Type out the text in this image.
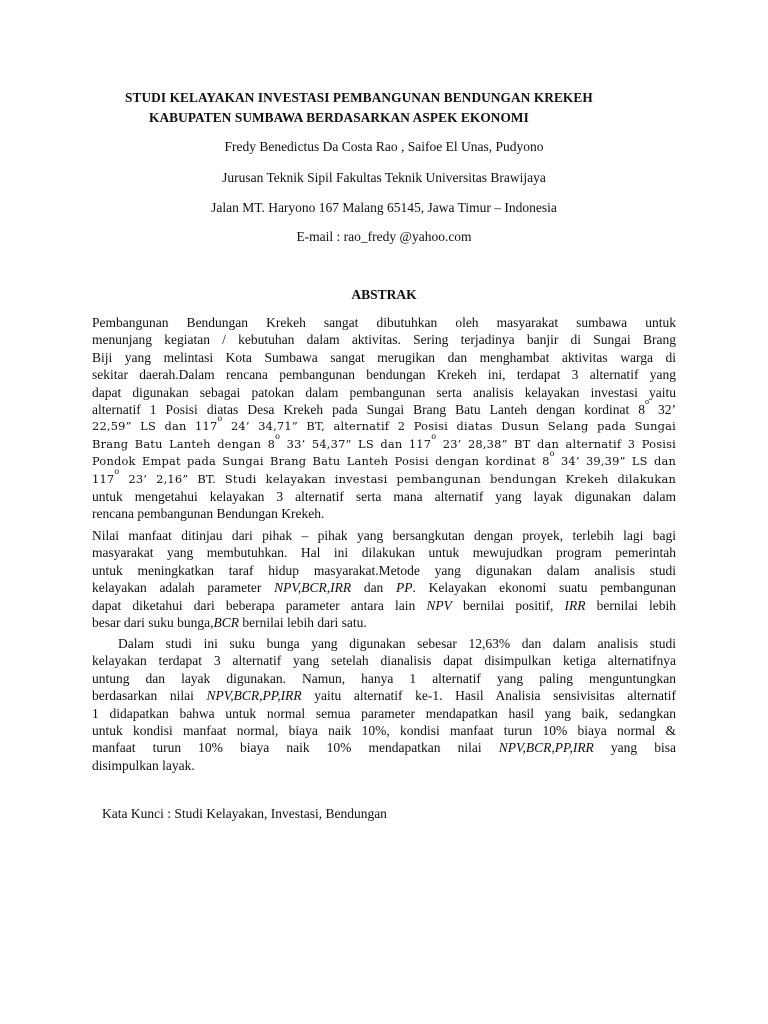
STUDI KELAYAKAN INVESTASI PEMBANGUNAN BENDUNGAN KREKEH
KABUPATEN SUMBAWA BERDASARKAN ASPEK EKONOMI
Fredy Benedictus Da Costa Rao , Saifoe El Unas, Pudyono
Jurusan Teknik Sipil Fakultas Teknik Universitas Brawijaya
Jalan MT. Haryono 167 Malang 65145, Jawa Timur – Indonesia
E-mail : rao_fredy @yahoo.com
ABSTRAK
Pembangunan Bendungan Krekeh sangat dibutuhkan oleh masyarakat sumbawa untuk
menunjang kegiatan / kebutuhan dalam aktivitas. Sering terjadinya banjir di Sungai Brang
Biji yang melintasi Kota Sumbawa sangat merugikan dan menghambat aktivitas warga di
sekitar daerah.Dalam rencana pembangunan bendungan Krekeh ini, terdapat 3 alternatif yang
dapat digunakan sebagai patokan dalam pembangunan serta analisis kelayakan investasi yaitu
alternatif 1 Posisi diatas Desa Krekeh pada Sungai Brang Batu Lanteh dengan kordinat 8$^o$ 32’
22,59” LS dan 117$^o$ 24’ 34,71” BT, alternatif 2 Posisi diatas Dusun Selang pada Sungai
Brang Batu Lanteh dengan 8$^o$ 33’ 54,37” LS dan 117$^o$ 23’ 28,38” BT dan alternatif 3 Posisi
Pondok Empat pada Sungai Brang Batu Lanteh Posisi dengan kordinat 8$^o$ 34’ 39,39” LS dan
117$^o$ 23’ 2,16” BT. Studi kelayakan investasi pembangunan bendungan Krekeh dilakukan
untuk mengetahui kelayakan 3 alternatif serta mana alternatif yang layak digunakan dalam
rencana pembangunan Bendungan Krekeh.
Nilai manfaat ditinjau dari pihak – pihak yang bersangkutan dengan proyek, terlebih lagi bagi
masyarakat yang membutuhkan. Hal ini dilakukan untuk mewujudkan program pemerintah
untuk meningkatkan taraf hidup masyarakat.Metode yang digunakan dalam analisis studi
kelayakan adalah parameter NPV,BCR,IRR dan PP. Kelayakan ekonomi suatu pembangunan
dapat diketahui dari beberapa parameter antara lain NPV bernilai positif, IRR bernilai lebih
besar dari suku bunga,BCR bernilai lebih dari satu.
Dalam studi ini suku bunga yang digunakan sebesar 12,63% dan dalam analisis studi
kelayakan terdapat 3 alternatif yang setelah dianalisis dapat disimpulkan ketiga alternatifnya
untung dan layak digunakan. Namun, hanya 1 alternatif yang paling menguntungkan
berdasarkan nilai NPV,BCR,PP,IRR yaitu alternatif ke-1. Hasil Analisia sensivisitas alternatif
1 didapatkan bahwa untuk normal semua parameter mendapatkan hasil yang baik, sedangkan
untuk kondisi manfaat normal, biaya naik 10%, kondisi manfaat turun 10% biaya normal &
manfaat turun 10% biaya naik 10% mendapatkan nilai NPV,BCR,PP,IRR yang bisa
disimpulkan layak.
Kata Kunci : Studi Kelayakan, Investasi, Bendungan
